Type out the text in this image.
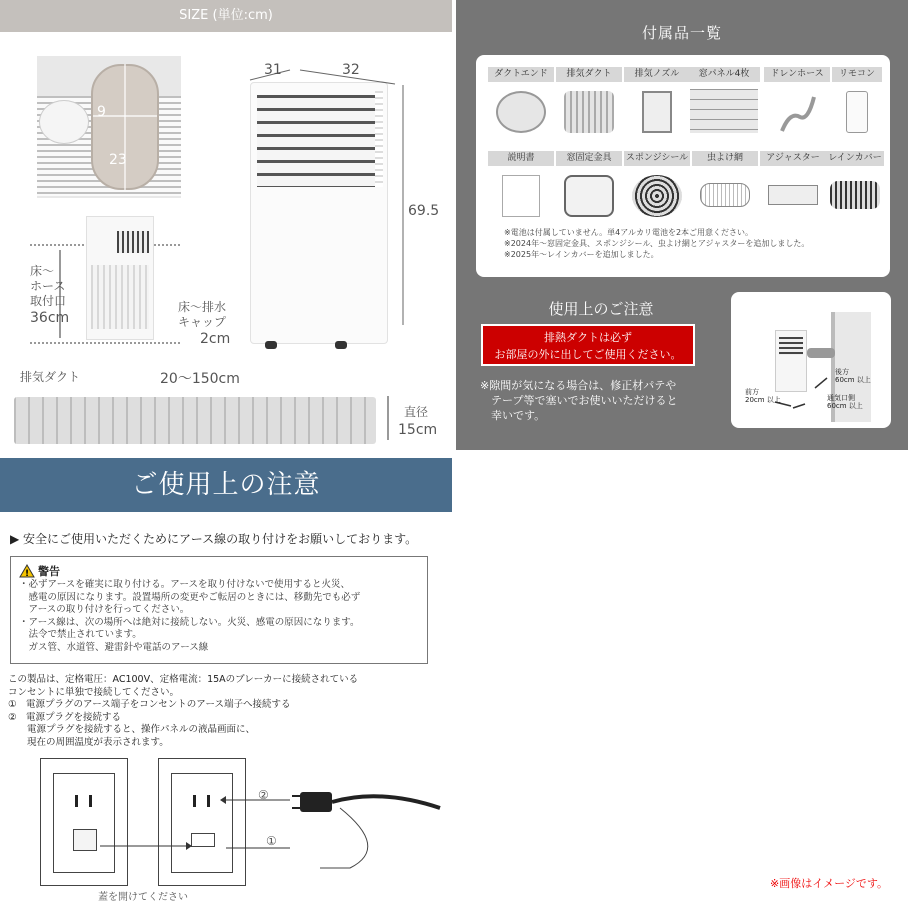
SIZE (単位:cm)
9
23
31	32
69.5
床～
ホース
取付口
36cm
床～排水
キャップ
2cm
排気ダクト	20～150cm
直径
15cm
付属品一覧
ダクトエンド	排気ダクト	排気ノズル	窓パネル4枚	ドレンホース	リモコン
説明書	窓固定金具	スポンジシール	虫よけ網	アジャスター レインカバー

※電池は付属していません。単4アルカリ電池を2本ご用意ください。

※2024年～窓固定金具、スポンジシール、虫よけ網とアジャスターを追加しました。

※2025年～レインカバーを追加しました。

使用上のご注意
排熱ダクトは必ず
お部屋の外に出してご使用ください。
※隙間が気になる場合は、修正材パテや
テープ等で塞いでお使いいただけると
幸いです。
後方
60cm 以上
前方
20cm 以上	通気口側
60cm 以上
ご使用上の注意
▶ 安全にご使用いただくためにアース線の取り付けをお願いしております。
! 警告

・必ずアースを確実に取り付ける。アースを取り付けないで使用すると火災、

　感電の原因になります。設置場所の変更やご転居のときには、移動先でも必ず

　アースの取り付けを行ってください。

・アース線は、次の場所へは絶対に接続しない。火災、感電の原因になります。

　法令で禁止されています。

　ガス管、水道管、避雷針や電話のアース線

この製品は、定格電圧：AC100V、定格電流：15Aのブレーカーに接続されている

コンセントに単独で接続してください。

①　電源プラグのアース端子をコンセントのアース端子へ接続する

②　電源プラグを接続する

　　電源プラグを接続すると、操作パネルの液晶画面に、

　　現在の周囲温度が表示されます。

②
①
蓋を開けてください
※画像はイメージです。
